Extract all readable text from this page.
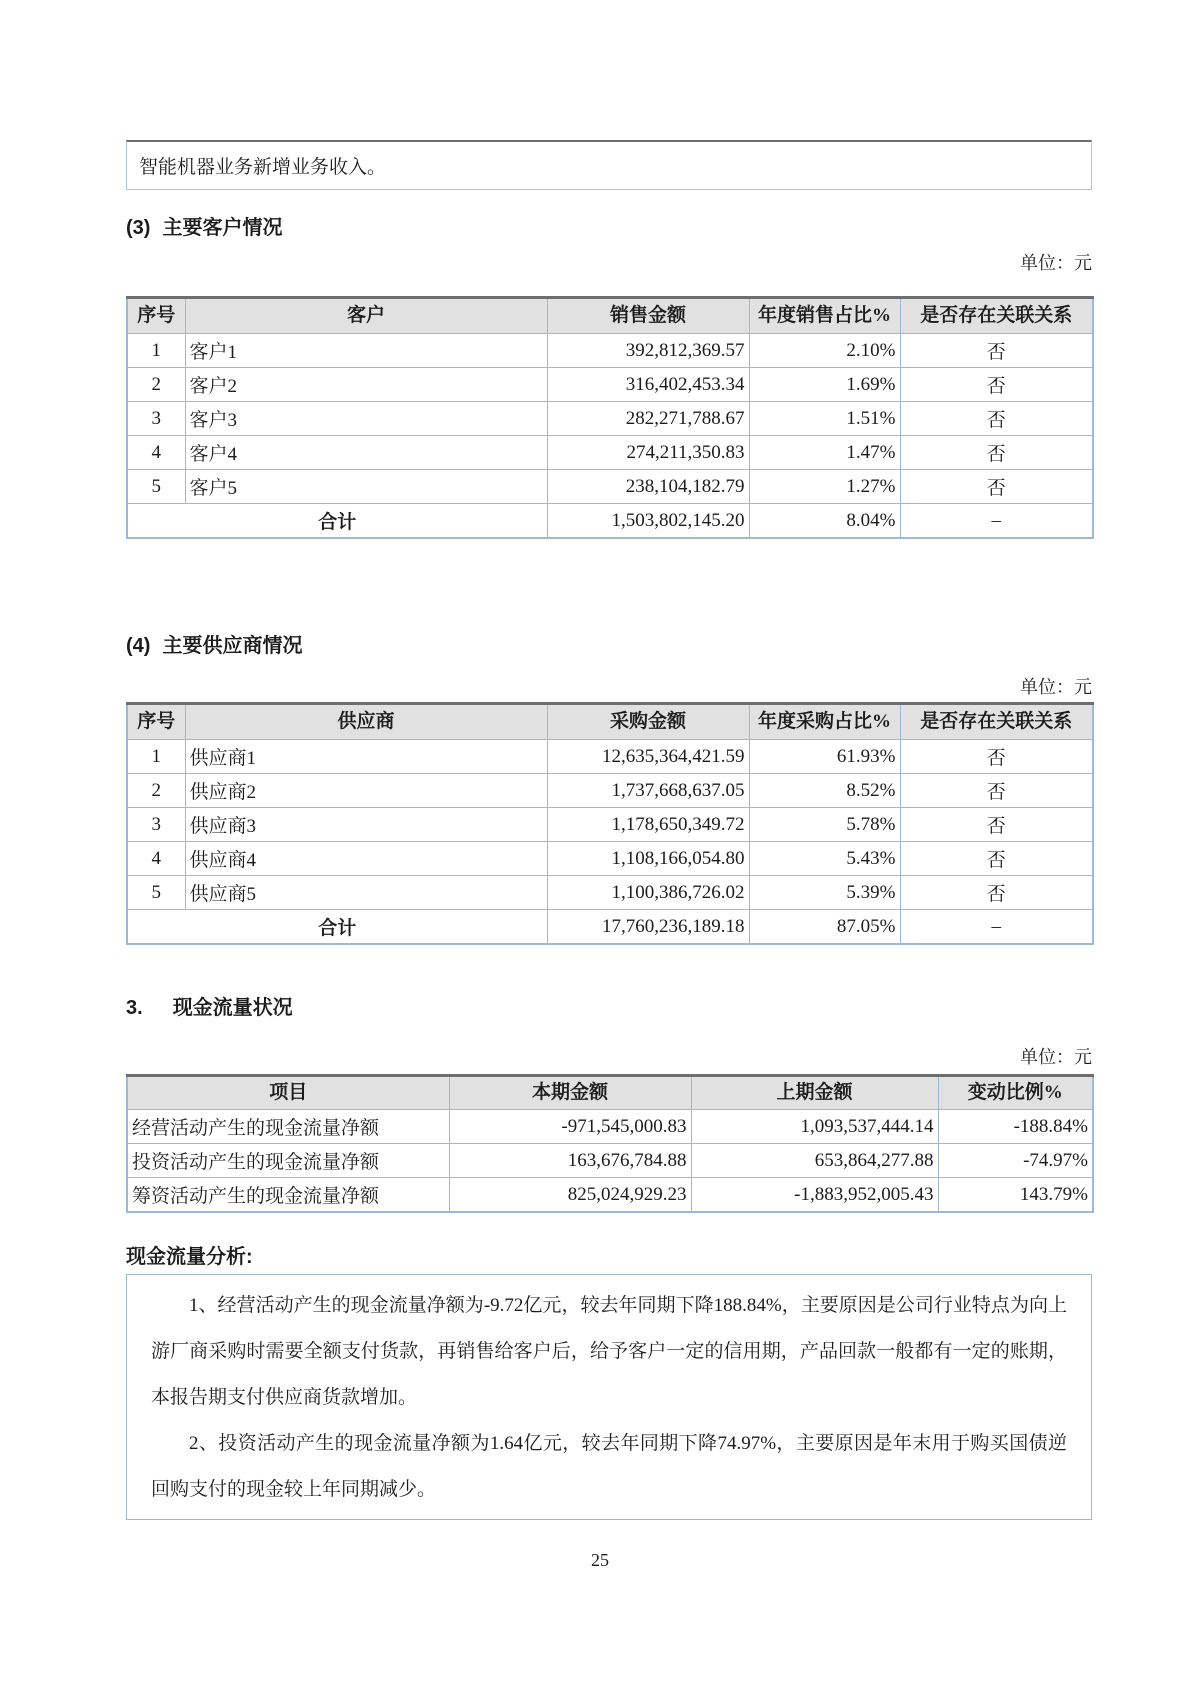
智能机器业务新增业务收入。
(3) 主要客户情况
单位：元
序号	客户	销售金额	年度销售占比%	是否存在关联关系
1	客户1	392,812,369.57	2.10%	否
2	客户2	316,402,453.34	1.69%	否
3	客户3	282,271,788.67	1.51%	否
4	客户4	274,211,350.83	1.47%	否
5	客户5	238,104,182.79	1.27%	否
合计		1,503,802,145.20	8.04%	–
(4) 主要供应商情况
单位：元
序号	供应商	采购金额	年度采购占比%	是否存在关联关系
1	供应商1	12,635,364,421.59	61.93%	否
2	供应商2	1,737,668,637.05	8.52%	否
3	供应商3	1,178,650,349.72	5.78%	否
4	供应商4	1,108,166,054.80	5.43%	否
5	供应商5	1,100,386,726.02	5.39%	否
合计		17,760,236,189.18	87.05%	–
3. 现金流量状况
单位：元
项目	本期金额	上期金额	变动比例%
经营活动产生的现金流量净额	-971,545,000.83	1,093,537,444.14	-188.84%
投资活动产生的现金流量净额	163,676,784.88	653,864,277.88	-74.97%
筹资活动产生的现金流量净额	825,024,929.23	-1,883,952,005.43	143.79%
现金流量分析:

1、经营活动产生的现金流量净额为-9.72亿元，较去年同期下降188.84%，主要原因是公司行业特点为向上游厂商采购时需要全额支付货款，再销售给客户后，给予客户一定的信用期，产品回款一般都有一定的账期，本报告期支付供应商货款增加。

2、投资活动产生的现金流量净额为1.64亿元，较去年同期下降74.97%，主要原因是年末用于购买国债逆回购支付的现金较上年同期减少。

25
